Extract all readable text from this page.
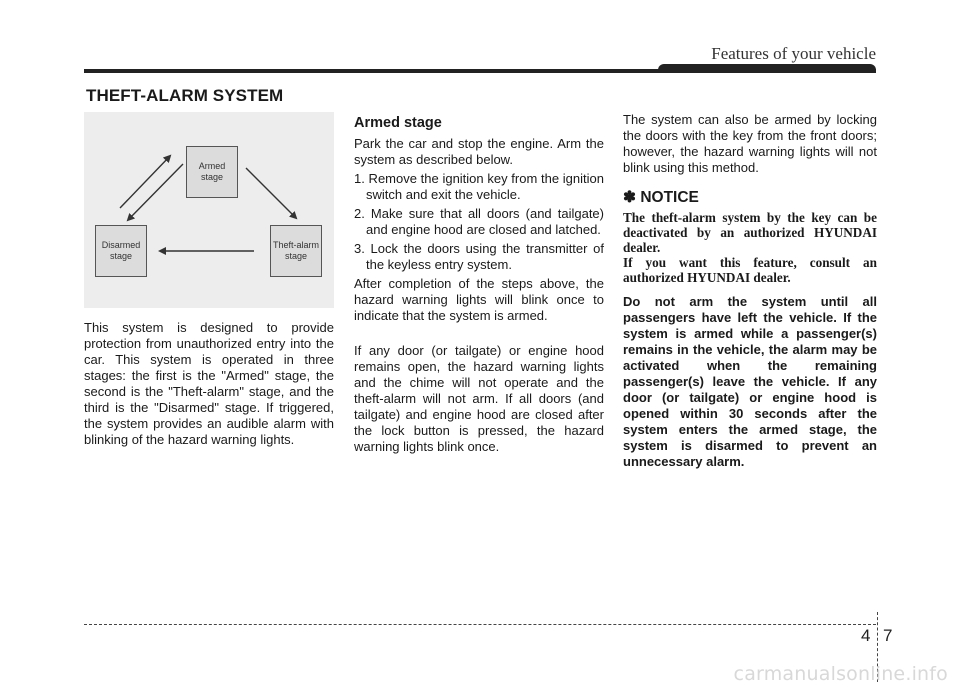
Features of your vehicle
THEFT-ALARM SYSTEM
Armed
stage
Disarmed
stage
Theft-alarm
stage

This system is designed to provide protection from unauthorized entry into the car. This system is operated in three stages: the first is the "Armed" stage, the second is the "Theft-alarm" stage, and the third is the "Disarmed" stage. If triggered, the system provides an audible alarm with blinking of the hazard warning lights.

Armed stage

Park the car and stop the engine. Arm the system as described below.

1. Remove the ignition key from the ignition switch and exit the vehicle.
2. Make sure that all doors (and tailgate) and engine hood are closed and latched.
3. Lock the doors using the transmitter of the keyless entry system.

After completion of the steps above, the hazard warning lights will blink once to indicate that the system is armed.

If any door (or tailgate) or engine hood remains open, the hazard warning lights and the chime will not operate and the theft-alarm will not arm. If all doors (and tailgate) and engine hood are closed after the lock button is pressed, the hazard warning lights blink once.

The system can also be armed by locking the doors with the key from the front doors; however, the hazard warning lights will not blink using this method.

✽ NOTICE
The theft-alarm system by the key can be deactivated by an authorized HYUNDAI dealer.
If you want this feature, consult an authorized HYUNDAI dealer.
Do not arm the system until all passengers have left the vehicle. If the system is armed while a passenger(s) remains in the vehicle, the alarm may be activated when the remaining passenger(s) leave the vehicle. If any door (or tailgate) or engine hood is opened within 30 seconds after the system enters the armed stage, the system is disarmed to prevent an unnecessary alarm.
4 7
carmanualsonline.info
